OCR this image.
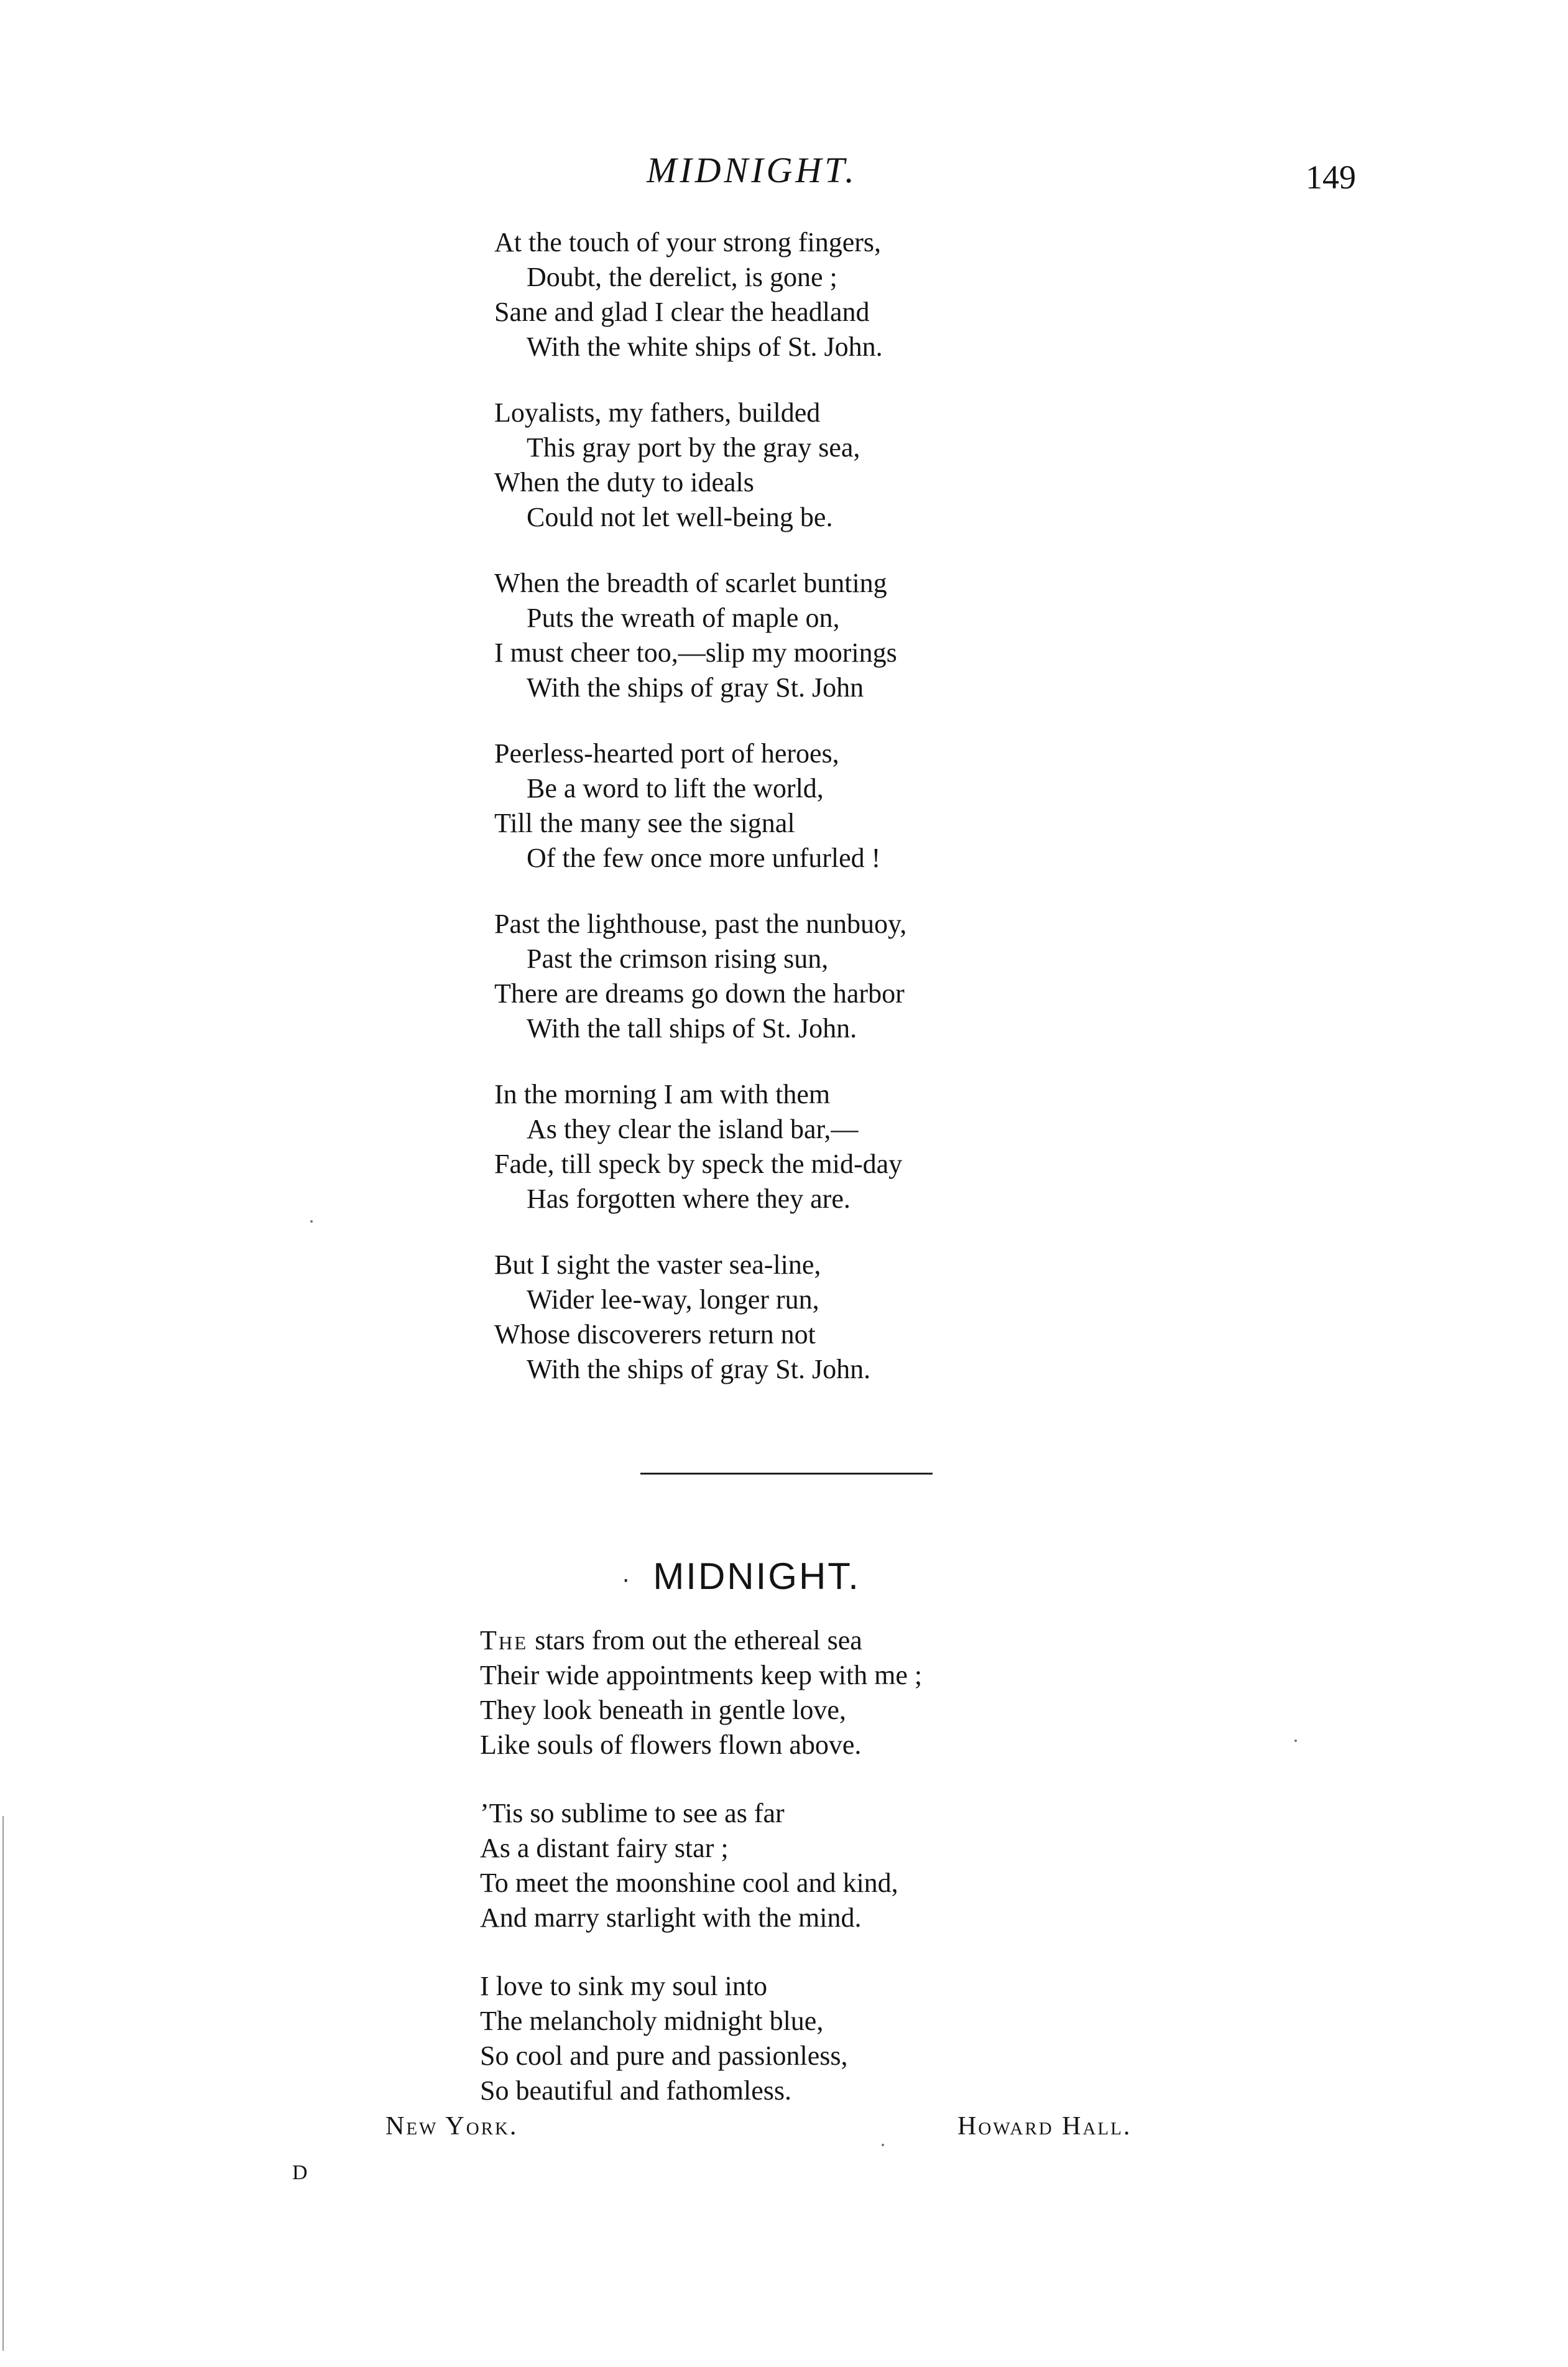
MIDNIGHT.	149
At the touch of your strong fingers,
Doubt, the derelict, is gone ;
Sane and glad I clear the headland
With the white ships of St. John.
Loyalists, my fathers, builded
This gray port by the gray sea,
When the duty to ideals
Could not let well-being be.
When the breadth of scarlet bunting
Puts the wreath of maple on,
I must cheer too,—slip my moorings
With the ships of gray St. John
Peerless-hearted port of heroes,
Be a word to lift the world,
Till the many see the signal
Of the few once more unfurled !
Past the lighthouse, past the nunbuoy,
Past the crimson rising sun,
There are dreams go down the harbor
With the tall ships of St. John.
In the morning I am with them
As they clear the island bar,—
Fade, till speck by speck the mid-day
Has forgotten where they are.
But I sight the vaster sea-line,
Wider lee-way, longer run,
Whose discoverers return not
With the ships of gray St. John.
· MIDNIGHT.
The stars from out the ethereal sea
Their wide appointments keep with me ;
They look beneath in gentle love,
Like souls of flowers flown above.
’Tis so sublime to see as far
As a distant fairy star ;
To meet the moonshine cool and kind,
And marry starlight with the mind.
I love to sink my soul into
The melancholy midnight blue,
So cool and pure and passionless,
So beautiful and fathomless.
New York.	Howard Hall.
D
